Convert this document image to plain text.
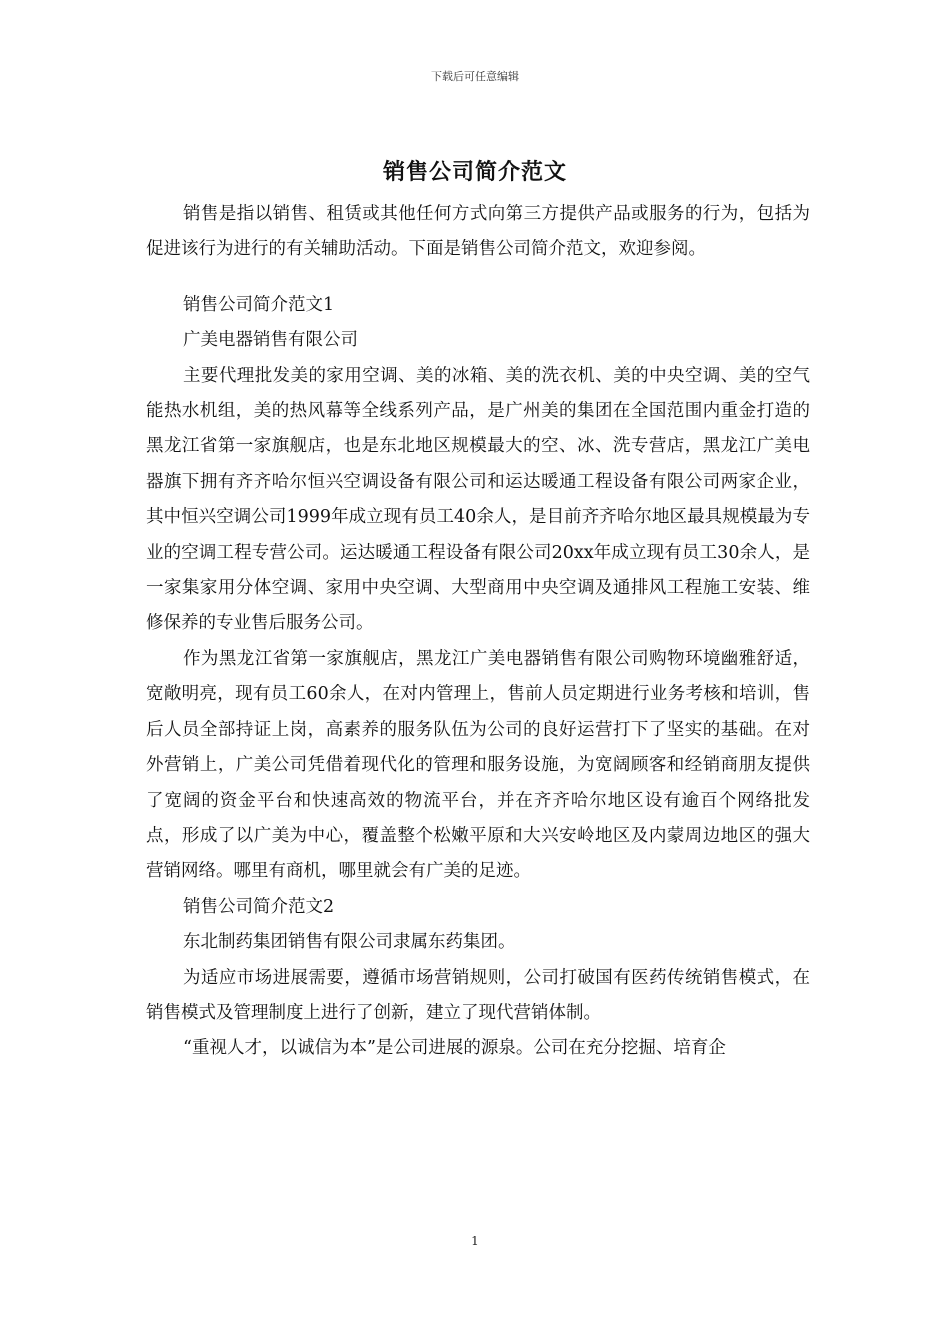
下载后可任意编辑
销售公司简介范文

销售是指以销售、租赁或其他任何方式向第三方提供产品或服务的行为，包括为促进该行为进行的有关辅助活动。下面是销售公司简介范文，欢迎参阅。

销售公司简介范文1

广美电器销售有限公司

主要代理批发美的家用空调、美的冰箱、美的洗衣机、美的中央空调、美的空气能热水机组，美的热风幕等全线系列产品，是广州美的集团在全国范围内重金打造的黑龙江省第一家旗舰店，也是东北地区规模最大的空、冰、洗专营店，黑龙江广美电器旗下拥有齐齐哈尔恒兴空调设备有限公司和运达暖通工程设备有限公司两家企业，其中恒兴空调公司1999年成立现有员工40余人，是目前齐齐哈尔地区最具规模最为专业的空调工程专营公司。运达暖通工程设备有限公司20xx年成立现有员工30余人，是一家集家用分体空调、家用中央空调、大型商用中央空调及通排风工程施工安装、维修保养的专业售后服务公司。

作为黑龙江省第一家旗舰店，黑龙江广美电器销售有限公司购物环境幽雅舒适，宽敞明亮，现有员工60余人，在对内管理上，售前人员定期进行业务考核和培训，售后人员全部持证上岗，高素养的服务队伍为公司的良好运营打下了坚实的基础。在对外营销上，广美公司凭借着现代化的管理和服务设施，为宽阔顾客和经销商朋友提供了宽阔的资金平台和快速高效的物流平台，并在齐齐哈尔地区设有逾百个网络批发点，形成了以广美为中心，覆盖整个松嫩平原和大兴安岭地区及内蒙周边地区的强大营销网络。哪里有商机，哪里就会有广美的足迹。

销售公司简介范文2

东北制药集团销售有限公司隶属东药集团。

为适应市场进展需要，遵循市场营销规则，公司打破国有医药传统销售模式，在销售模式及管理制度上进行了创新，建立了现代营销体制。

“重视人才，以诚信为本”是公司进展的源泉。公司在充分挖掘、培育企

1
